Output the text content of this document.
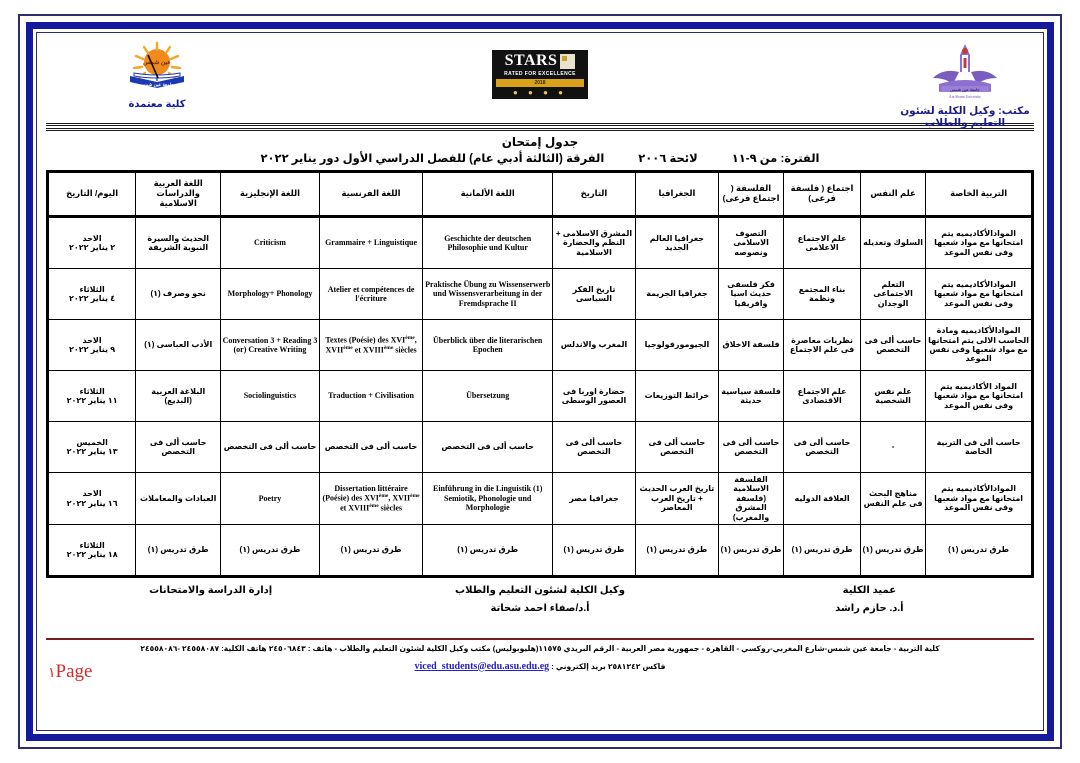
عين شمس
جامعة عين شمس
كلية معتمدة
STARS
RATED FOR EXCELLENCE
2018
● ● ● ●	جامعة عين شمس
Ain Shams University
مكتب: وكيل الكلية لشئون التعليم والطلاب
جدول إمتحان
الفترة: من ٩-١١
لائحة ٢٠٠٦
الفرقة (الثالثة أدبي عام) للفصل الدراسي الأول دور يناير ٢٠٢٢
التربية الخاصة	علم النفس	اجتماع ( فلسفة فرعى)	الفلسفة ( اجتماع فرعى)	الجغرافيا	التاريخ	اللغة الألمانية	اللغة الفرنسية	اللغة الإنجليزية	اللغة العربية والدراسات الاسلامية	اليوم/ التاريخ
الموادالأكاديميه يتم امتحانها مع مواد شعبها وفى نفس الموعد	السلوك وتعديله	علم الاجتماع الاعلامى	التصوف الاسلامى ونصوصه	جغرافيا العالم الجديد	المشرق الاسلامى + النظم والحضارة الاسلامية	Geschichte der deutschen Philosophie und Kultur	Grammaire + Linguistique	Criticism	الحديث والسيرة النبوية الشريفة	الاحد
٢ يناير ٢٠٢٢

الموادالأكاديميه يتم امتحانها مع مواد شعبها وفى نفس الموعد	التعلم الاجتماعى الوجدان	بناء المجتمع ونظمة	فكر فلسفى حديث اسيا وافريقيا	جغرافيا الجريمة	تاريخ الفكر السياسى	Praktische Übung zu Wissenserwerb und Wissensverarbeitung in der Fremdsprache II	Atelier et compétences de l'écriture	Morphology+ Phonology	نحو وصرف (١)	الثلاثاء
٤ يناير ٢٠٢٢

الموادالأكاديميه ومادة الحاسب الالى يتم امتحانها مع مواد شعبها وفى نفس الموعد	حاسب ألى فى التخصص	نظريات معاصرة فى علم الاجتماع	فلسفة الاخلاق	الجيومورفولوجيا	المغرب والاندلس	Überblick über die literarischen Epochen	Textes (Poésie) des XVIème, XVIIème et XVIIIème siècles	Conversation 3 + Reading 3 (or) Creative Writing	الأدب العباسى (١)	الاحد
٩ يناير ٢٠٢٢

المواد الأكاديميه يتم امتحانها مع مواد شعبها وفى نفس الموعد	علم نفس الشخصية	علم الاجتماع الاقتصادى	فلسفة سياسية حديثة	خرائط التوزيعات	حضارة اوربا فى العصور الوسطى	Übersetzung	Traduction + Civilisation	Sociolinguistics	البلاغة العربية (البديع)	الثلاثاء
١١ يناير ٢٠٢٢

حاسب ألى فى التربية الخاصة	-	حاسب ألى فى التخصص	حاسب ألى فى التخصص	حاسب ألى فى التخصص	حاسب ألى فى التخصص	حاسب ألى فى التخصص	حاسب ألى فى التخصص	حاسب ألى فى التخصص	حاسب ألى فى التخصص	الخميس
١٣ يناير ٢٠٢٢

الموادالأكاديميه يتم امتحانها مع مواد شعبها وفى نفس الموعد	مناهج البحث فى علم النفس	العلاقة الدوليه	الفلسفة الاسلامية (فلسفة المشرق والمغرب)	تاريخ العرب الحديث + تاريخ العرب المعاصر	جغرافيا مصر	Einführung in die Linguistik (1) Semiotik, Phonologie und Morphologie	Dissertation littéraire (Poésie) des XVIème, XVIIème et XVIIIème siècles	Poetry	العبادات والمعاملات	الاحد
١٦ يناير ٢٠٢٢

طرق تدريس (١)	طرق تدريس (١)	طرق تدريس (١)	طرق تدريس (١)	طرق تدريس (١)	طرق تدريس (١)	طرق تدريس (١)	طرق تدريس (١)	طرق تدريس (١)	طرق تدريس (١)	الثلاثاء
١٨ يناير ٢٠٢٢
عميد الكلية
أ.د. حازم راشد
وكيل الكلية لشئون التعليم والطلاب
أ.د/صفاء احمد شحاتة
إدارة الدراسة والامتحانات
كلية التربية - جامعة عين شمس-شارع المغربي-روكسي - القاهرة - جمهورية مصر العربية - الرقم البريدي ١١٥٧٥(هليوبوليس) مكتب وكيل الكلية لشئون التعليم والطلاب - هاتف : ٢٤٥٠٦٨٤٣ هاتف الكلية: ٢٤٥٥٨٠٨٧ -٢٤٥٥٨٠٨٦
فاكس ٢٥٨١٢٤٢ بريد إلكتروني : viced_students@edu.asu.edu.eg
١Page
